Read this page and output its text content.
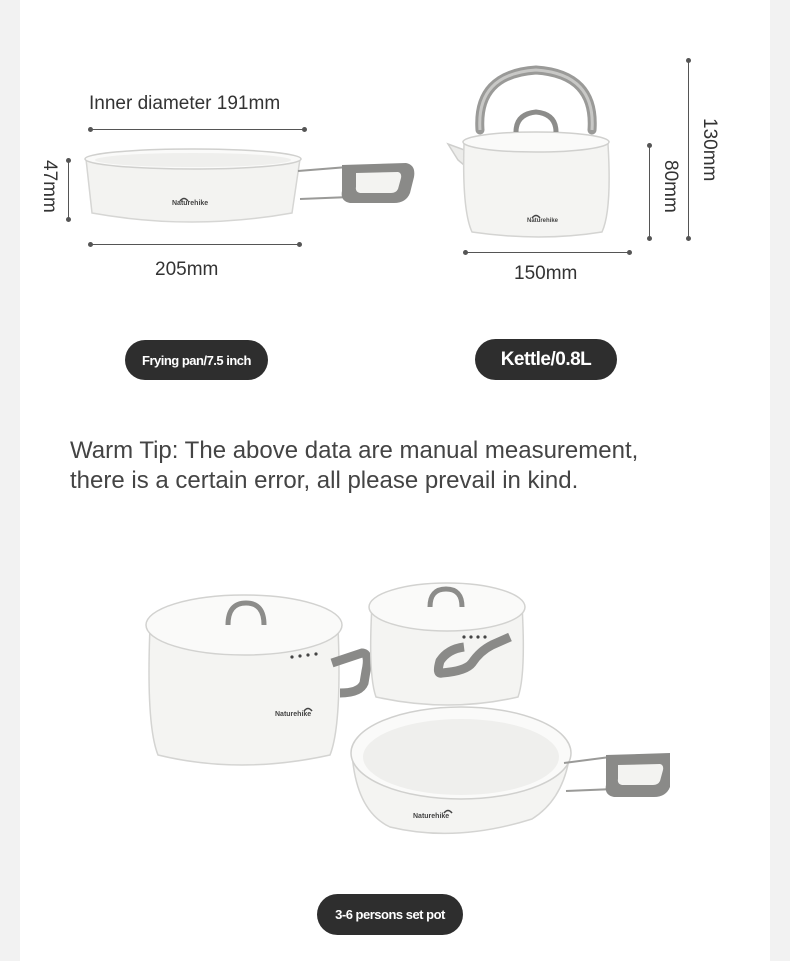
Inner diameter 191mm
47mm	Naturehike
205mm
Frying pan/7.5 inch
Naturehike
130mm
80mm
150mm
Kettle/0.8L
Warm Tip: The above data are manual measurement,
there is a certain error, all please prevail in kind.
Naturehike
Naturehike
3-6 persons set pot
